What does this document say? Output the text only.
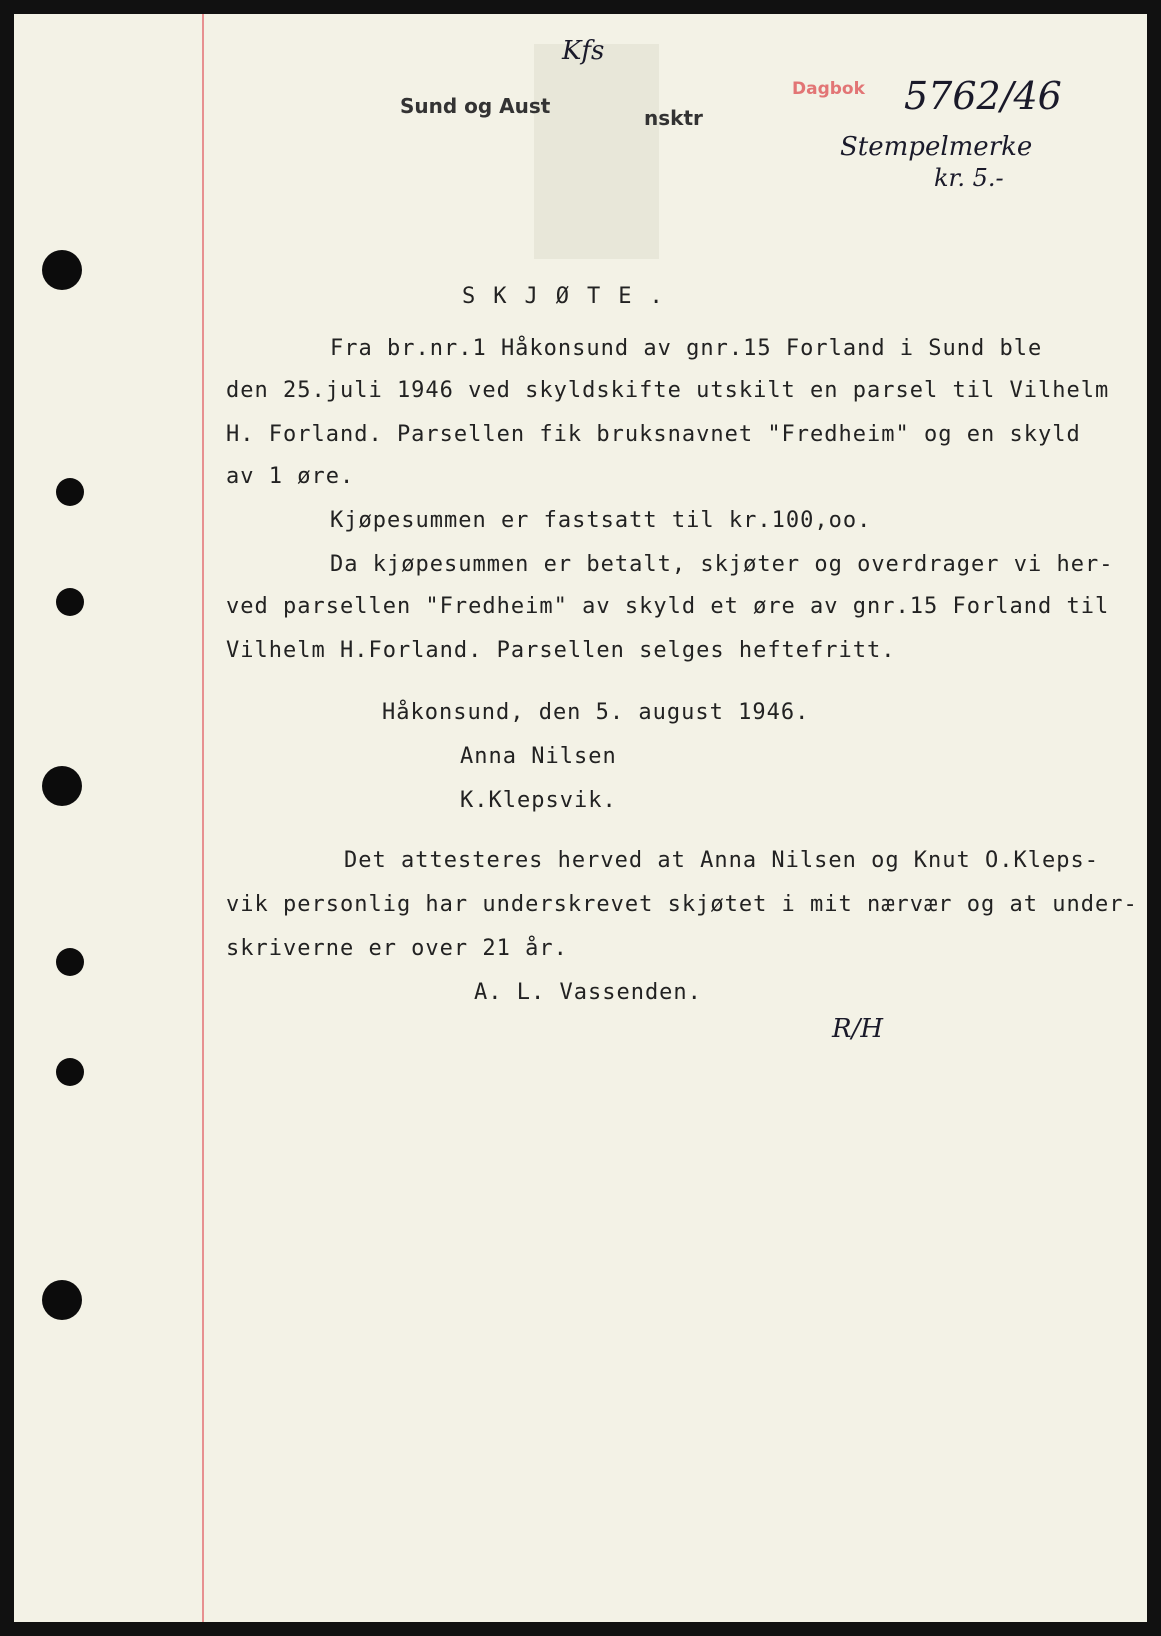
Sund og Aust	nsktr
Kfs
Dagbok	5762/46
Stempelmerke
kr. 5.-
SKJØTE.
Fra br.nr.1 Håkonsund av gnr.15 Forland i Sund ble
den 25.juli 1946 ved skyldskifte utskilt en parsel til Vilhelm
H. Forland. Parsellen fik bruksnavnet "Fredheim" og en skyld
av 1 øre.
Kjøpesummen er fastsatt til kr.100,oo.
Da kjøpesummen er betalt, skjøter og overdrager vi her-
ved parsellen "Fredheim" av skyld et øre av gnr.15 Forland til
Vilhelm H.Forland. Parsellen selges heftefritt.
Håkonsund, den 5. august 1946.
Anna Nilsen
K.Klepsvik.
Det attesteres herved at Anna Nilsen og Knut O.Kleps-
vik personlig har underskrevet skjøtet i mit nærvær og at under-
skriverne er over 21 år.
A. L. Vassenden.
R/H
